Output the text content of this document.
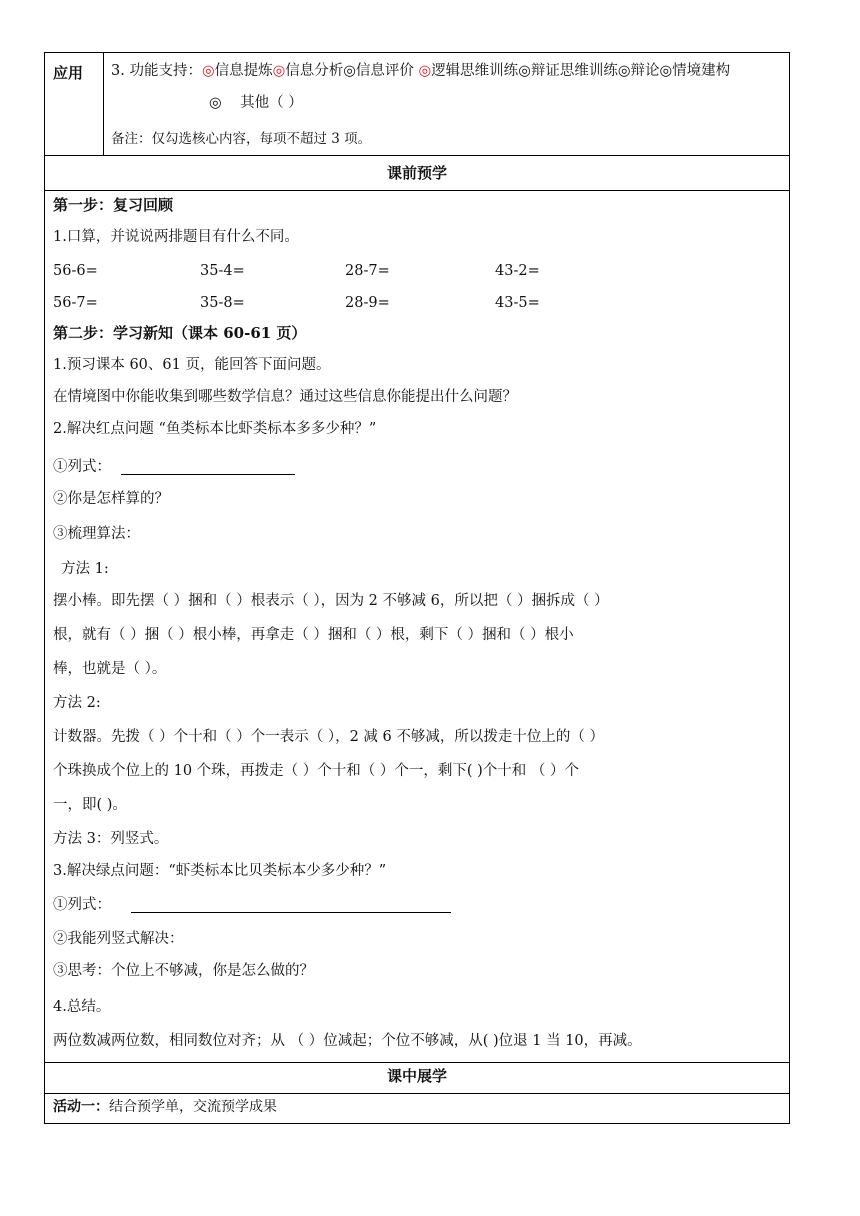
应用 3. 功能支持：◎信息提炼◎信息分析◎信息评价 ◎逻辑思维训练◎辩证思维训练◎辩论◎情境建构
◎ 其他（ ）
备注：仅勾选核心内容，每项不超过 3 项。
课前预学
第一步：复习回顾
1.口算，并说说两排题目有什么不同。
56-6=	35-4=	28-7=	43-2=
56-7=	35-8=	28-9=	43-5=
第二步：学习新知（课本 60-61 页）
1.预习课本 60、61 页，能回答下面问题。
在情境图中你能收集到哪些数学信息？通过这些信息你能提出什么问题？
2.解决红点问题 “鱼类标本比虾类标本多多少种？”
①列式：
②你是怎样算的？
③梳理算法：
方法 1:
摆小棒。即先摆（ ）捆和（ ）根表示（ ），因为 2 不够减 6，所以把（ ）捆拆成（ ）
根，就有（ ）捆（ ）根小棒，再拿走（ ）捆和（ ）根，剩下（ ）捆和（ ）根小
棒，也就是（ ）。
方法 2:
计数器。先拨（ ）个十和（ ）个一表示（ ），2 减 6 不够减，所以拨走十位上的（ ）
个珠换成个位上的 10 个珠，再拨走（ ）个十和（ ）个一，剩下( )个十和 （ ）个
一，即( )。
方法 3：列竖式。
3.解决绿点问题：“虾类标本比贝类标本少多少种？”
①列式：
②我能列竖式解决：
③思考：个位上不够减，你是怎么做的？
4.总结。
两位数减两位数，相同数位对齐；从 （ ）位减起；个位不够减，从( )位退 1 当 10，再减。
课中展学
活动一：结合预学单，交流预学成果
